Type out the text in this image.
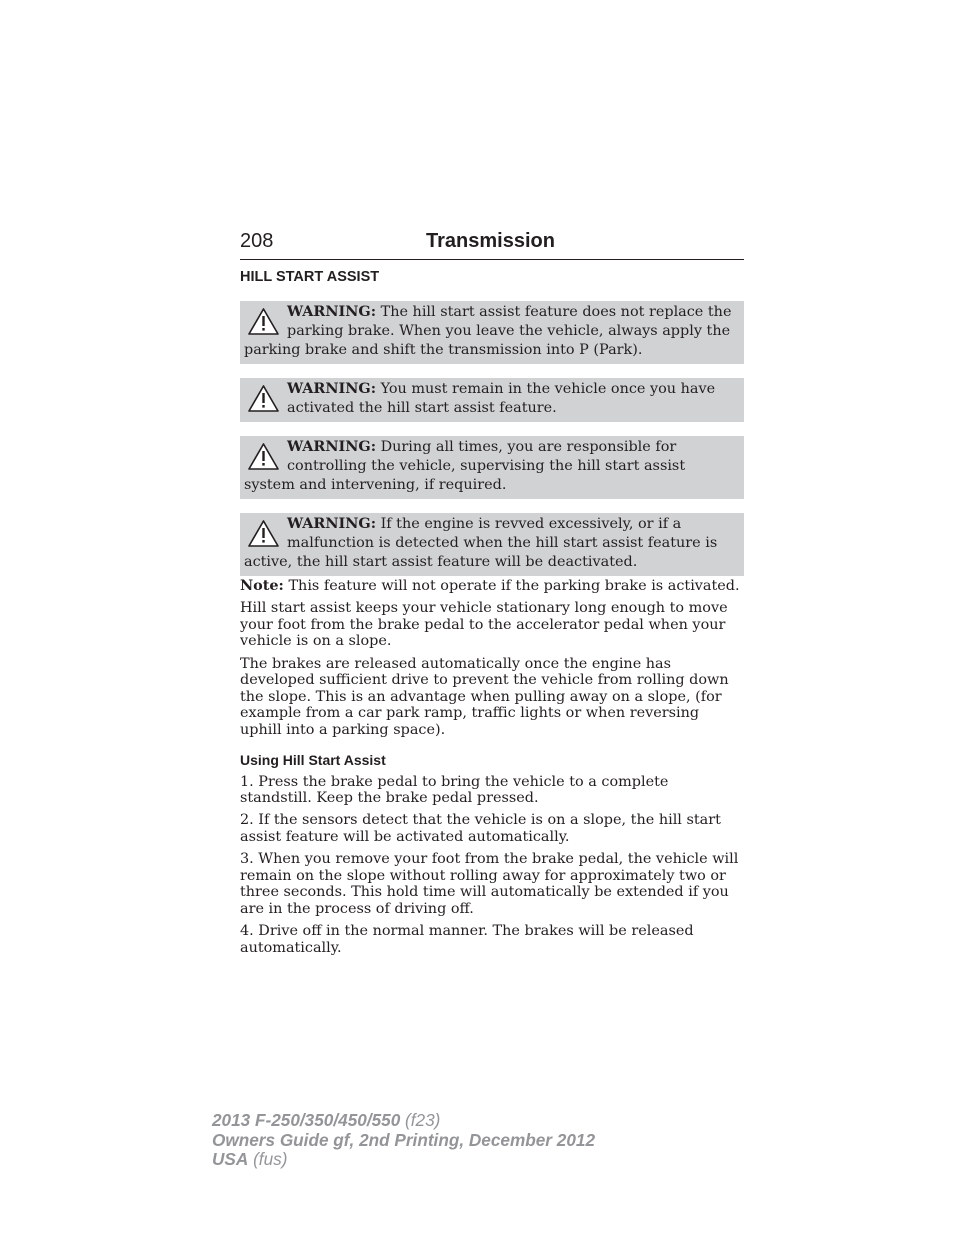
208	Transmission
HILL START ASSIST
WARNING: The hill start assist feature does not replace the parking brake. When you leave the vehicle, always apply the parking brake and shift the transmission into P (Park).
WARNING: You must remain in the vehicle once you have activated the hill start assist feature.
WARNING: During all times, you are responsible for controlling the vehicle, supervising the hill start assist system and intervening, if required.
WARNING: If the engine is revved excessively, or if a malfunction is detected when the hill start assist feature is active, the hill start assist feature will be deactivated.

Note: This feature will not operate if the parking brake is activated.

Hill start assist keeps your vehicle stationary long enough to move your foot from the brake pedal to the accelerator pedal when your vehicle is on a slope.

The brakes are released automatically once the engine has developed sufficient drive to prevent the vehicle from rolling down the slope. This is an advantage when pulling away on a slope, (for example from a car park ramp, traffic lights or when reversing uphill into a parking space).

Using Hill Start Assist

1. Press the brake pedal to bring the vehicle to a complete standstill. Keep the brake pedal pressed.

2. If the sensors detect that the vehicle is on a slope, the hill start assist feature will be activated automatically.

3. When you remove your foot from the brake pedal, the vehicle will remain on the slope without rolling away for approximately two or three seconds. This hold time will automatically be extended if you are in the process of driving off.

4. Drive off in the normal manner. The brakes will be released automatically.

2013 F-250/350/450/550 (f23)
Owners Guide gf, 2nd Printing, December 2012
USA (fus)
